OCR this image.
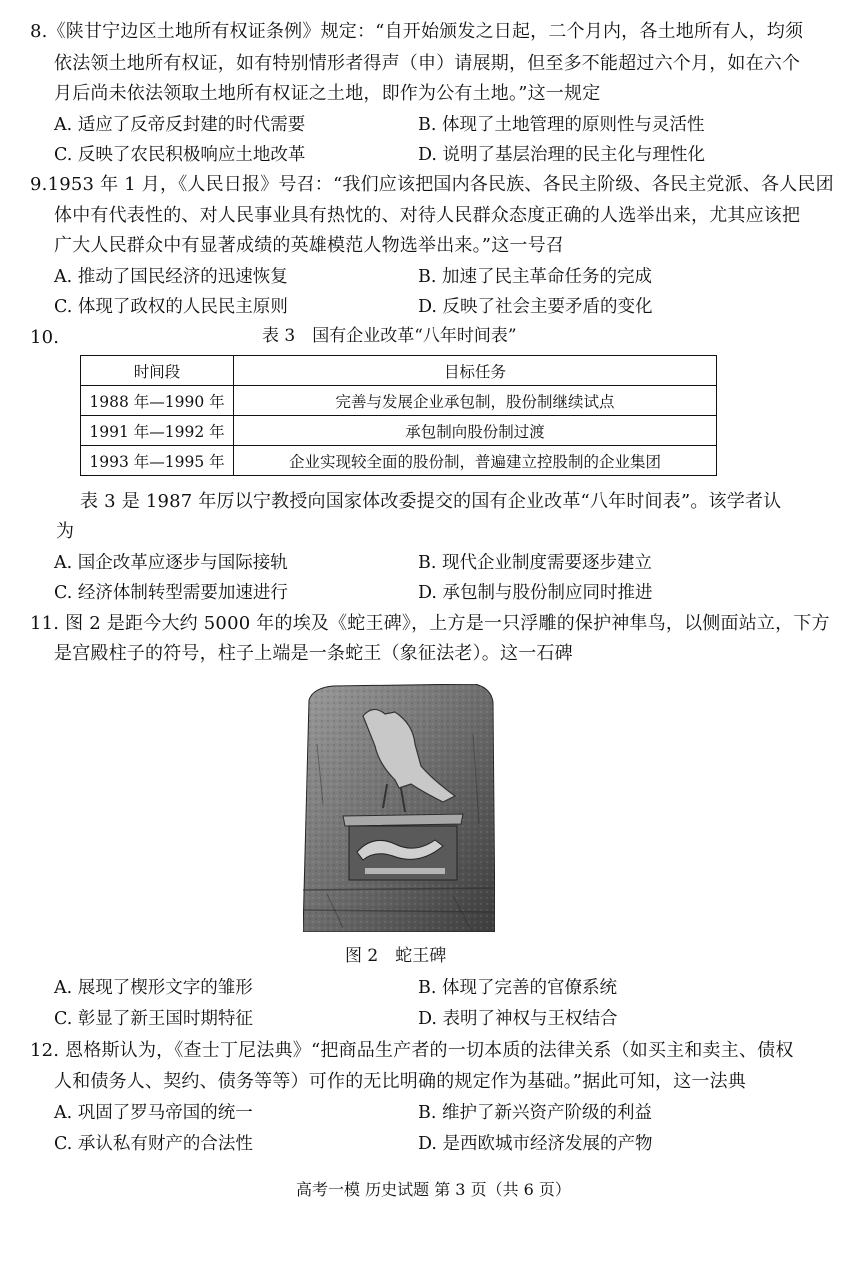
8.《陕甘宁边区土地所有权证条例》规定：“自开始颁发之日起，二个月内，各土地所有人，均须
依法领土地所有权证，如有特别情形者得声（申）请展期，但至多不能超过六个月，如在六个
月后尚未依法领取土地所有权证之土地，即作为公有土地。”这一规定
A. 适应了反帝反封建的时代需要	B. 体现了土地管理的原则性与灵活性
C. 反映了农民积极响应土地改革	D. 说明了基层治理的民主化与理性化
9.1953 年 1 月，《人民日报》号召：“我们应该把国内各民族、各民主阶级、各民主党派、各人民团
体中有代表性的、对人民事业具有热忱的、对待人民群众态度正确的人选举出来，尤其应该把
广大人民群众中有显著成绩的英雄模范人物选举出来。”这一号召
A. 推动了国民经济的迅速恢复	B. 加速了民主革命任务的完成
C. 体现了政权的人民民主原则	D. 反映了社会主要矛盾的变化
10.	表 3　国有企业改革“八年时间表”
时间段	目标任务
1988 年—1990 年	完善与发展企业承包制，股份制继续试点
1991 年—1992 年	承包制向股份制过渡
1993 年—1995 年	企业实现较全面的股份制，普遍建立控股制的企业集团
表 3 是 1987 年厉以宁教授向国家体改委提交的国有企业改革“八年时间表”。该学者认
为
A. 国企改革应逐步与国际接轨	B. 现代企业制度需要逐步建立
C. 经济体制转型需要加速进行	D. 承包制与股份制应同时推进
11. 图 2 是距今大约 5000 年的埃及《蛇王碑》，上方是一只浮雕的保护神隼鸟，以侧面站立，下方
是宫殿柱子的符号，柱子上端是一条蛇王（象征法老）。这一石碑
图 2　蛇王碑
A. 展现了楔形文字的雏形	B. 体现了完善的官僚系统
C. 彰显了新王国时期特征	D. 表明了神权与王权结合
12. 恩格斯认为，《查士丁尼法典》“把商品生产者的一切本质的法律关系（如买主和卖主、债权
人和债务人、契约、债务等等）可作的无比明确的规定作为基础。”据此可知，这一法典
A. 巩固了罗马帝国的统一	B. 维护了新兴资产阶级的利益
C. 承认私有财产的合法性	D. 是西欧城市经济发展的产物
高考一模 历史试题 第 3 页（共 6 页）
